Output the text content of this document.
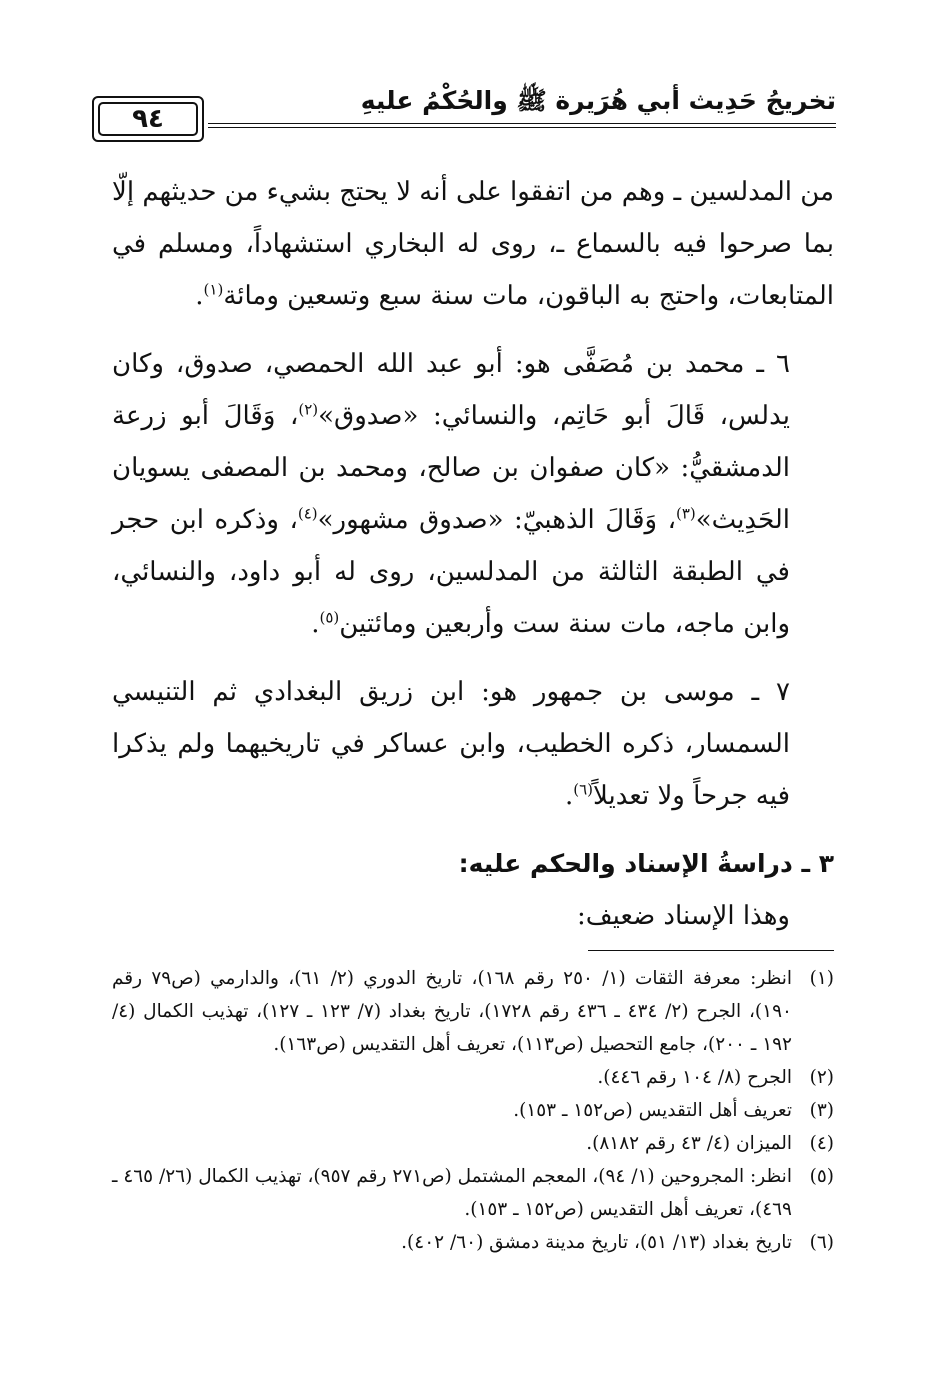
تخريجُ حَدِيث أبي هُرَيرة ﷺ والحُكْمُ عليهِ
٩٤

من المدلسين ـ وهم من اتفقوا على أنه لا يحتج بشيء من حديثهم إلّا بما صرحوا فيه بالسماع ـ، روى له البخاري استشهاداً، ومسلم في المتابعات، واحتج به الباقون، مات سنة سبع وتسعين ومائة$^{(١)}$.

٦ ـ محمد بن مُصَفَّى هو: أبو عبد الله الحمصي، صدوق، وكان يدلس، قَالَ أبو حَاتِم، والنسائي: «صدوق»$^{(٢)}$، وَقَالَ أبو زرعة الدمشقيُّ: «كان صفوان بن صالح، ومحمد بن المصفى يسويان الحَدِيث»$^{(٣)}$، وَقَالَ الذهبيّ: «صدوق مشهور»$^{(٤)}$، وذكره ابن حجر في الطبقة الثالثة من المدلسين، روى له أبو داود، والنسائي، وابن ماجه، مات سنة ست وأربعين ومائتين$^{(٥)}$.

٧ ـ موسى بن جمهور هو: ابن زريق البغدادي ثم التنيسي السمسار، ذكره الخطيب، وابن عساكر في تاريخيهما ولم يذكرا فيه جرحاً ولا تعديلاً$^{(٦)}$.

٣ ـ دراسةُ الإسناد والحكم عليه:
وهذا الإسناد ضعيف:
(١)
انظر: معرفة الثقات (١/ ٢٥٠ رقم ١٦٨)، تاريخ الدوري (٢/ ٦١)، والدارمي (ص٧٩ رقم ١٩٠)، الجرح (٢/ ٤٣٤ ـ ٤٣٦ رقم ١٧٢٨)، تاريخ بغداد (٧/ ١٢٣ ـ ١٢٧)، تهذيب الكمال (٤/ ١٩٢ ـ ٢٠٠)، جامع التحصيل (ص١١٣)، تعريف أهل التقديس (ص١٦٣).
(٢)
الجرح (٨/ ١٠٤ رقم ٤٤٦).
(٣)
تعريف أهل التقديس (ص١٥٢ ـ ١٥٣).
(٤)
الميزان (٤/ ٤٣ رقم ٨١٨٢).
(٥)
انظر: المجروحين (١/ ٩٤)، المعجم المشتمل (ص٢٧١ رقم ٩٥٧)، تهذيب الكمال (٢٦/ ٤٦٥ ـ ٤٦٩)، تعريف أهل التقديس (ص١٥٢ ـ ١٥٣).
(٦)
تاريخ بغداد (١٣/ ٥١)، تاريخ مدينة دمشق (٦٠/ ٤٠٢).
